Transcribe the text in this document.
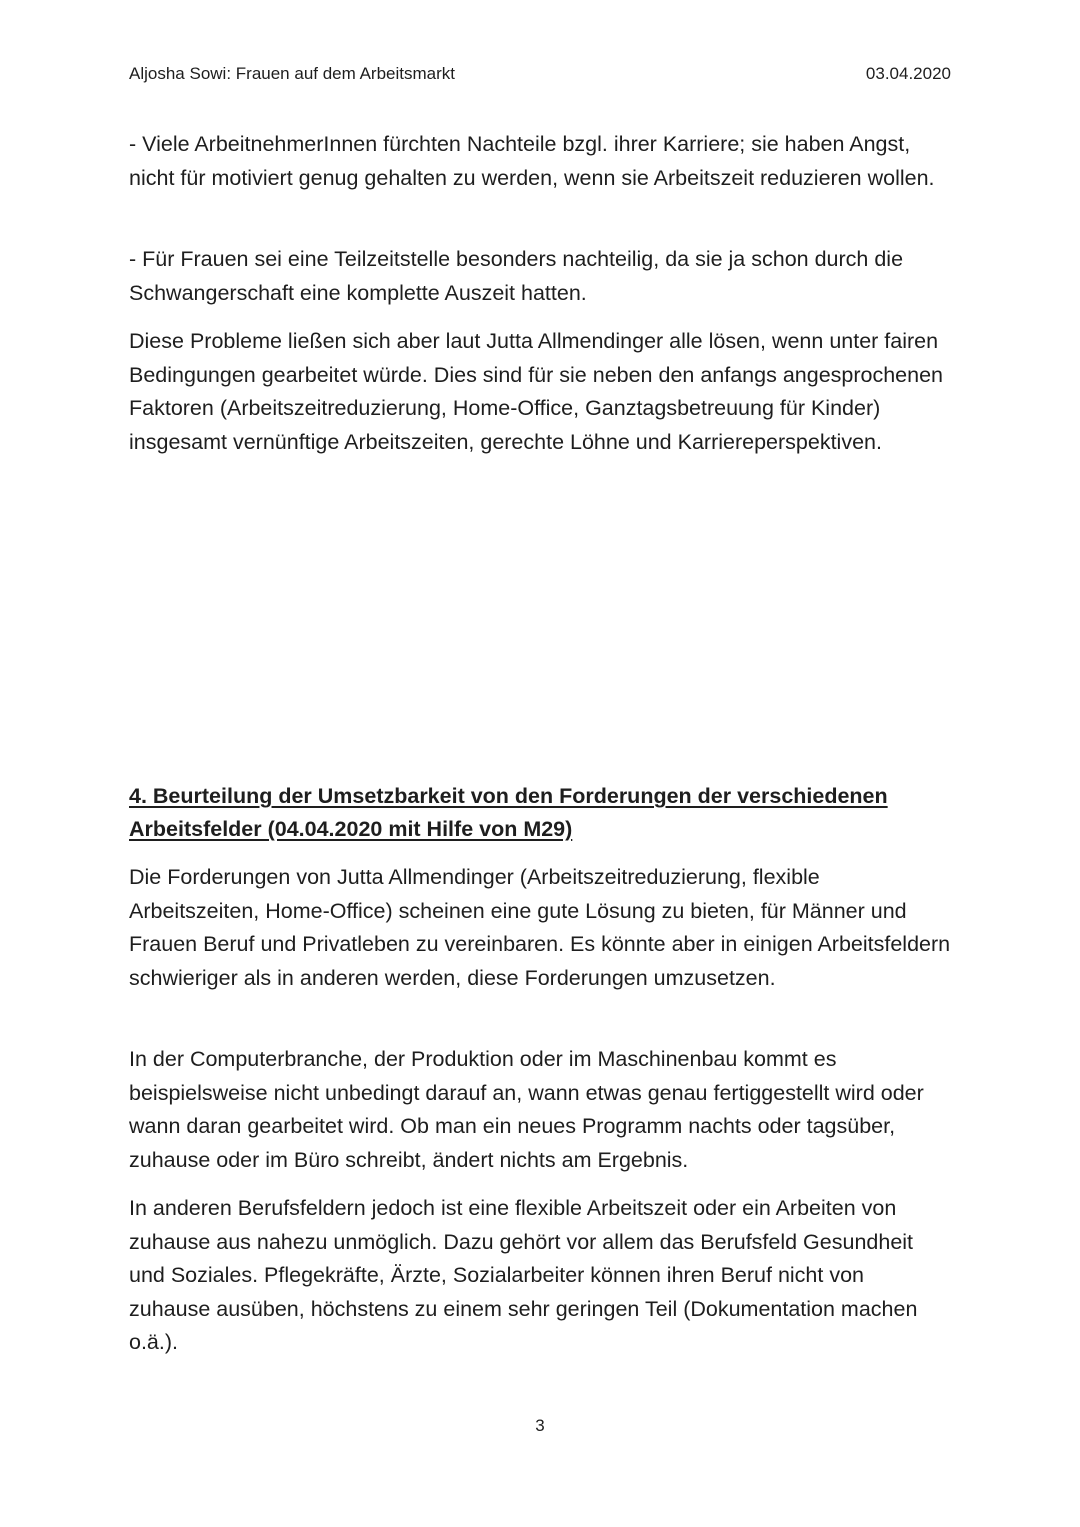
Aljosha Sowi: Frauen auf dem Arbeitsmarkt	03.04.2020

- Viele ArbeitnehmerInnen fürchten Nachteile bzgl. ihrer Karriere; sie haben Angst, nicht für motiviert genug gehalten zu werden, wenn sie Arbeitszeit reduzieren wollen.

- Für Frauen sei eine Teilzeitstelle besonders nachteilig, da sie ja schon durch die Schwangerschaft eine komplette Auszeit hatten.

Diese Probleme ließen sich aber laut Jutta Allmendinger alle lösen, wenn unter fairen Bedingungen gearbeitet würde. Dies sind für sie neben den anfangs angesprochenen Faktoren (Arbeitszeitreduzierung, Home-Office, Ganztagsbetreuung für Kinder) insgesamt vernünftige Arbeitszeiten, gerechte Löhne und Karriereperspektiven.

4. Beurteilung der Umsetzbarkeit von den Forderungen der verschiedenen Arbeitsfelder (04.04.2020 mit Hilfe von M29)

Die Forderungen von Jutta Allmendinger (Arbeitszeitreduzierung, flexible Arbeitszeiten, Home-Office) scheinen eine gute Lösung zu bieten, für Männer und Frauen Beruf und Privatleben zu vereinbaren. Es könnte aber in einigen Arbeitsfeldern schwieriger als in anderen werden, diese Forderungen umzusetzen.

In der Computerbranche, der Produktion oder im Maschinenbau kommt es beispielsweise nicht unbedingt darauf an, wann etwas genau fertiggestellt wird oder wann daran gearbeitet wird. Ob man ein neues Programm nachts oder tagsüber, zuhause oder im Büro schreibt, ändert nichts am Ergebnis.

In anderen Berufsfeldern jedoch ist eine flexible Arbeitszeit oder ein Arbeiten von zuhause aus nahezu unmöglich. Dazu gehört vor allem das Berufsfeld Gesundheit und Soziales. Pflegekräfte, Ärzte, Sozialarbeiter können ihren Beruf nicht von zuhause ausüben, höchstens zu einem sehr geringen Teil (Dokumentation machen o.ä.).

3
